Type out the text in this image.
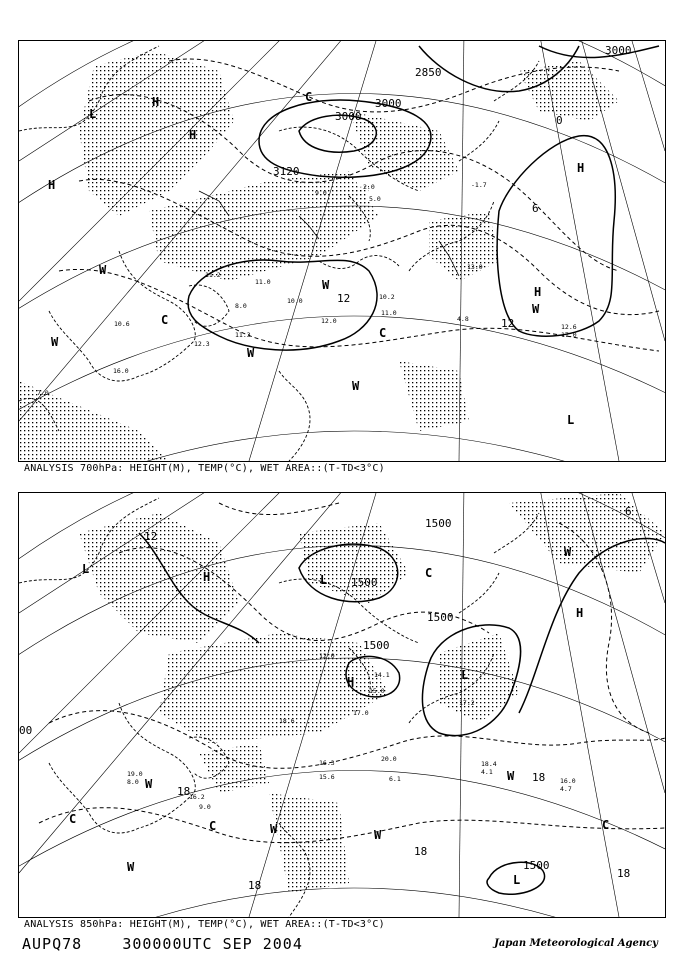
3000
3000
3000
2850
3120
12
12
6
0
H
H
H
H
H
L
L
C
C
C
W
W
W
W
W
W
11.2
11.0
10.0
8.0
12.0
11.3
10.6
12.3
16.0
7.0
2.0
5.0
10.2
9.0
13.0
11.0
-1.7
4.8
12.6
17.0
ANALYSIS 700hPa: HEIGHT(M), TEMP(°C), WET AREA::(T-TD<3°C)
1500
1500
1500
1500
1500
00
12
18
18
18
18
18
6
H
H
H
L
L
L
L
C
C	C	C
W
W
W	W
W
W
18.4
4.1
16.0
4.7
19.0
8.0
16.2
14.1
15.6
17.0
16.3
9.0
20.0
6.1
17.2
18.6
15.0
12.0
ANALYSIS 850hPa: HEIGHT(M), TEMP(°C), WET AREA::(T-TD<3°C)
AUPQ78	300000UTC SEP 2004	Japan Meteorological Agency
